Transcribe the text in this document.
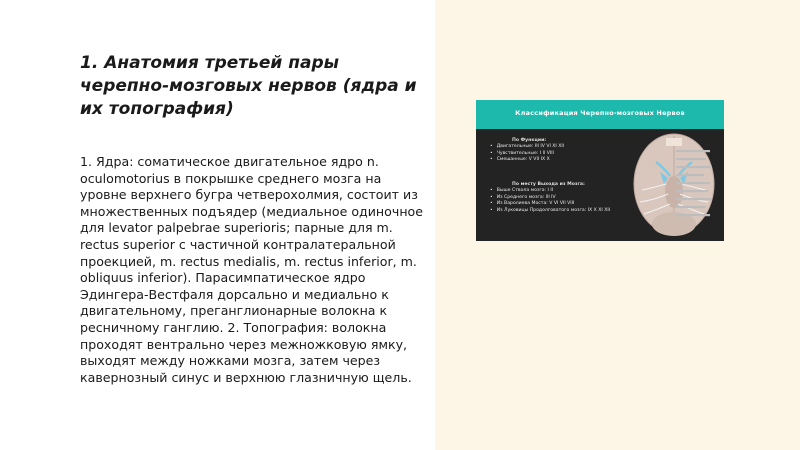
1. Анатомия третьей пары черепно-мозговых нервов (ядра и их топография)

1. Ядра: соматическое двигательное ядро n. oculomotorius в покрышке среднего мозга на уровне верхнего бугра четверохолмия, состоит из множественных подъядер (медиальное одиночное для levator palpebrae superioris; парные для m. rectus superior с частичной контралатеральной проекцией, m. rectus medialis, m. rectus inferior, m. obliquus inferior). Парасимпатическое ядро Эдингера-Вестфаля дорсально и медиально к двигательному, преганглионарные волокна к ресничному ганглию. 2. Топография: волокна проходят вентрально через межножковую ямку, выходят между ножками мозга, затем через кавернозный синус и верхнюю глазничную щель.

Классификация Черепно-мозговых Нервов
По Функции:
• Двигательные: III IV VI XI XII
• Чувствительные: I II VIII
• Смешанные: V VII IX X
По месту Выхода из Мозга:
• Выше Ствола мозга: I II
• Из Среднего мозга: III IV
• Из Варолиева Моста: V VI VII VIII
• Из Луковицы Продолговатого мозга: IX X XI XII
